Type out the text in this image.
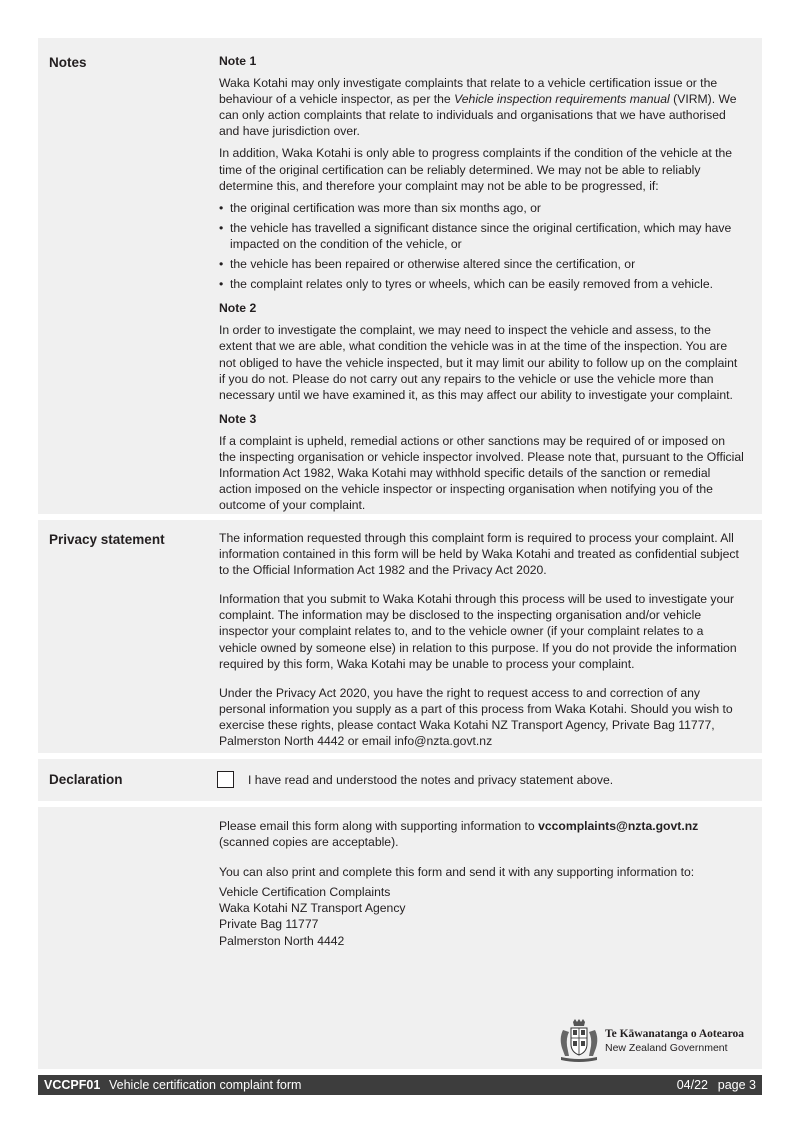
Notes	Note 1

Waka Kotahi may only investigate complaints that relate to a vehicle certification issue or the behaviour of a vehicle inspector, as per the Vehicle inspection requirements manual (VIRM). We can only action complaints that relate to individuals and organisations that we have authorised and have jurisdiction over.

In addition, Waka Kotahi is only able to progress complaints if the condition of the vehicle at the time of the original certification can be reliably determined. We may not be able to reliably determine this, and therefore your complaint may not be able to be progressed, if:

• the original certification was more than six months ago, or
• the vehicle has travelled a significant distance since the original certification, which may have impacted on the condition of the vehicle, or
• the vehicle has been repaired or otherwise altered since the certification, or
• the complaint relates only to tyres or wheels, which can be easily removed from a vehicle.

Note 2

In order to investigate the complaint, we may need to inspect the vehicle and assess, to the extent that we are able, what condition the vehicle was in at the time of the inspection. You are not obliged to have the vehicle inspected, but it may limit our ability to follow up on the complaint if you do not. Please do not carry out any repairs to the vehicle or use the vehicle more than necessary until we have examined it, as this may affect our ability to investigate your complaint.

Note 3

If a complaint is upheld, remedial actions or other sanctions may be required of or imposed on the inspecting organisation or vehicle inspector involved. Please note that, pursuant to the Official Information Act 1982, Waka Kotahi may withhold specific details of the sanction or remedial action imposed on the vehicle inspector or inspecting organisation when notifying you of the outcome of your complaint.

Privacy statement	The information requested through this complaint form is required to process your complaint. All information contained in this form will be held by Waka Kotahi and treated as confidential subject to the Official Information Act 1982 and the Privacy Act 2020.

Information that you submit to Waka Kotahi through this process will be used to investigate your complaint. The information may be disclosed to the inspecting organisation and/or vehicle inspector your complaint relates to, and to the vehicle owner (if your complaint relates to a vehicle owned by someone else) in relation to this purpose. If you do not provide the information required by this form, Waka Kotahi may be unable to process your complaint.

Under the Privacy Act 2020, you have the right to request access to and correction of any personal information you supply as a part of this process from Waka Kotahi. Should you wish to exercise these rights, please contact Waka Kotahi NZ Transport Agency, Private Bag 11777, Palmerston North 4442 or email info@nzta.govt.nz

Declaration	I have read and understood the notes and privacy statement above.

Please email this form along with supporting information to vccomplaints@nzta.govt.nz
(scanned copies are acceptable).

You can also print and complete this form and send it with any supporting information to:

Vehicle Certification Complaints
Waka Kotahi NZ Transport Agency
Private Bag 11777
Palmerston North 4442
Te Kāwanatanga o Aotearoa
New Zealand Government
VCCPF01 Vehicle certification complaint form	04/22 page 3
